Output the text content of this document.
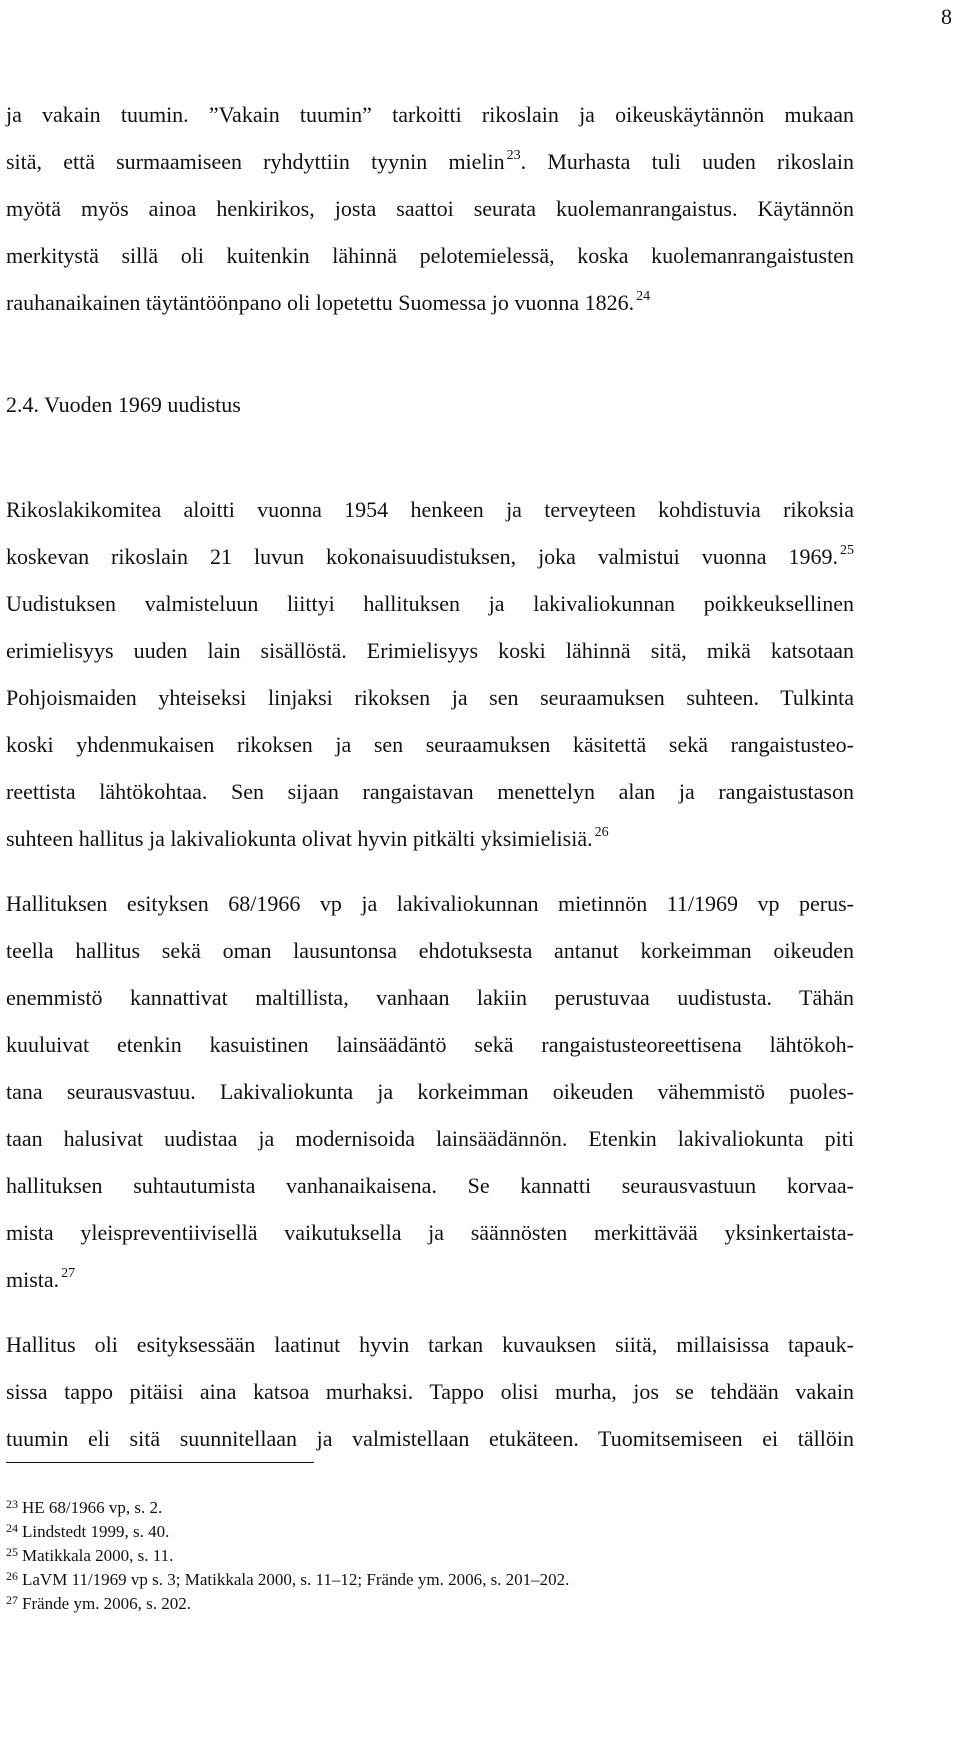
8
ja vakain tuumin. ”Vakain tuumin” tarkoitti rikoslain ja oikeuskäytännön mukaan
sitä, että surmaamiseen ryhdyttiin tyynin mielin $^{23}$. Murhasta tuli uuden rikoslain
myötä myös ainoa henkirikos, josta saattoi seurata kuolemanrangaistus. Käytännön
merkitystä sillä oli kuitenkin lähinnä pelotemielessä, koska kuolemanrangaistusten
rauhanaikainen täytäntöönpano oli lopetettu Suomessa jo vuonna 1826. $^{24}$
2.4. Vuoden 1969 uudistus
Rikoslakikomitea aloitti vuonna 1954 henkeen ja terveyteen kohdistuvia rikoksia
koskevan rikoslain 21 luvun kokonaisuudistuksen, joka valmistui vuonna 1969. $^{25}$
Uudistuksen valmisteluun liittyi hallituksen ja lakivaliokunnan poikkeuksellinen
erimielisyys uuden lain sisällöstä. Erimielisyys koski lähinnä sitä, mikä katsotaan
Pohjoismaiden yhteiseksi linjaksi rikoksen ja sen seuraamuksen suhteen. Tulkinta
koski yhdenmukaisen rikoksen ja sen seuraamuksen käsitettä sekä rangaistusteo-
reettista lähtökohtaa. Sen sijaan rangaistavan menettelyn alan ja rangaistustason
suhteen hallitus ja lakivaliokunta olivat hyvin pitkälti yksimielisiä. $^{26}$
Hallituksen esityksen 68/1966 vp ja lakivaliokunnan mietinnön 11/1969 vp perus-
teella hallitus sekä oman lausuntonsa ehdotuksesta antanut korkeimman oikeuden
enemmistö kannattivat maltillista, vanhaan lakiin perustuvaa uudistusta. Tähän
kuuluivat etenkin kasuistinen lainsäädäntö sekä rangaistusteoreettisena lähtökoh-
tana seurausvastuu. Lakivaliokunta ja korkeimman oikeuden vähemmistö puoles-
taan halusivat uudistaa ja modernisoida lainsäädännön. Etenkin lakivaliokunta piti
hallituksen suhtautumista vanhanaikaisena. Se kannatti seurausvastuun korvaa-
mista yleispreventiivisellä vaikutuksella ja säännösten merkittävää yksinkertaista-
mista. $^{27}$
Hallitus oli esityksessään laatinut hyvin tarkan kuvauksen siitä, millaisissa tapauk-
sissa tappo pitäisi aina katsoa murhaksi. Tappo olisi murha, jos se tehdään vakain
tuumin eli sitä suunnitellaan ja valmistellaan etukäteen. Tuomitsemiseen ei tällöin
$^{23}$ HE 68/1966 vp, s. 2.
$^{24}$ Lindstedt 1999, s. 40.
$^{25}$ Matikkala 2000, s. 11.
$^{26}$ LaVM 11/1969 vp s. 3; Matikkala 2000, s. 11–12; Frände ym. 2006, s. 201–202.
$^{27}$ Frände ym. 2006, s. 202.
